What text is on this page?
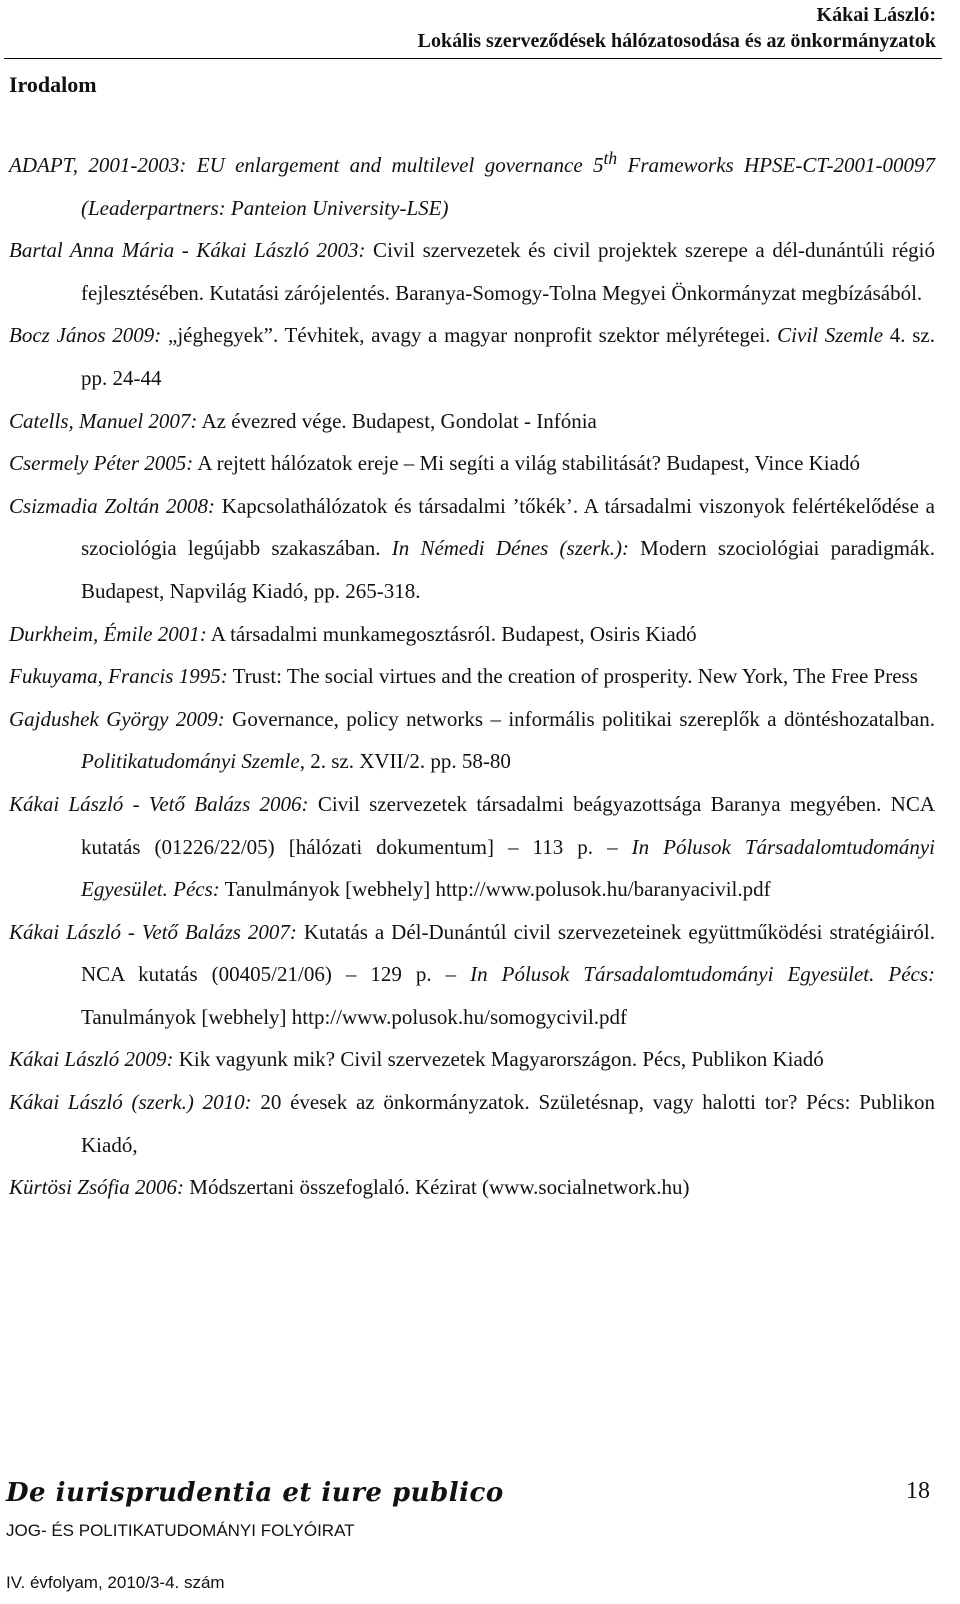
Kákai László:
Lokális szerveződések hálózatosodása és az önkormányzatok
Irodalom
ADAPT, 2001-2003: EU enlargement and multilevel governance 5th Frameworks HPSE-CT-2001-00097 (Leaderpartners: Panteion University-LSE)
Bartal Anna Mária - Kákai László 2003: Civil szervezetek és civil projektek szerepe a dél-dunántúli régió fejlesztésében. Kutatási zárójelentés. Baranya-Somogy-Tolna Megyei Önkormányzat megbízásából.
Bocz János 2009: „jéghegyek”. Tévhitek, avagy a magyar nonprofit szektor mélyrétegei. Civil Szemle 4. sz. pp. 24-44
Catells, Manuel 2007: Az évezred vége. Budapest, Gondolat - Infónia
Csermely Péter 2005: A rejtett hálózatok ereje – Mi segíti a világ stabilitását? Budapest, Vince Kiadó
Csizmadia Zoltán 2008: Kapcsolathálózatok és társadalmi ’tőkék’. A társadalmi viszonyok felértékelődése a szociológia legújabb szakaszában. In Némedi Dénes (szerk.): Modern szociológiai paradigmák. Budapest, Napvilág Kiadó, pp. 265-318.
Durkheim, Émile 2001: A társadalmi munkamegosztásról. Budapest, Osiris Kiadó
Fukuyama, Francis 1995: Trust: The social virtues and the creation of prosperity. New York, The Free Press
Gajdushek György 2009: Governance, policy networks – informális politikai szereplők a döntéshozatalban. Politikatudományi Szemle, 2. sz. XVII/2. pp. 58-80
Kákai László - Vető Balázs 2006: Civil szervezetek társadalmi beágyazottsága Baranya megyében. NCA kutatás (01226/22/05) [hálózati dokumentum] – 113 p. – In Pólusok Társadalomtudományi Egyesület. Pécs: Tanulmányok [webhely] http://www.polusok.hu/baranyacivil.pdf
Kákai László - Vető Balázs 2007: Kutatás a Dél-Dunántúl civil szervezeteinek együttműködési stratégiáiról. NCA kutatás (00405/21/06) – 129 p. – In Pólusok Társadalomtudományi Egyesület. Pécs: Tanulmányok [webhely] http://www.polusok.hu/somogycivil.pdf
Kákai László 2009: Kik vagyunk mik? Civil szervezetek Magyarországon. Pécs, Publikon Kiadó
Kákai László (szerk.) 2010: 20 évesek az önkormányzatok. Születésnap, vagy halotti tor? Pécs: Publikon Kiadó,
Kürtösi Zsófia 2006: Módszertani összefoglaló. Kézirat (www.socialnetwork.hu)
De iurisprudentia et iure publico
JOG- ÉS POLITIKATUDOMÁNYI FOLYÓIRAT
IV. évfolyam, 2010/3-4. szám
18
